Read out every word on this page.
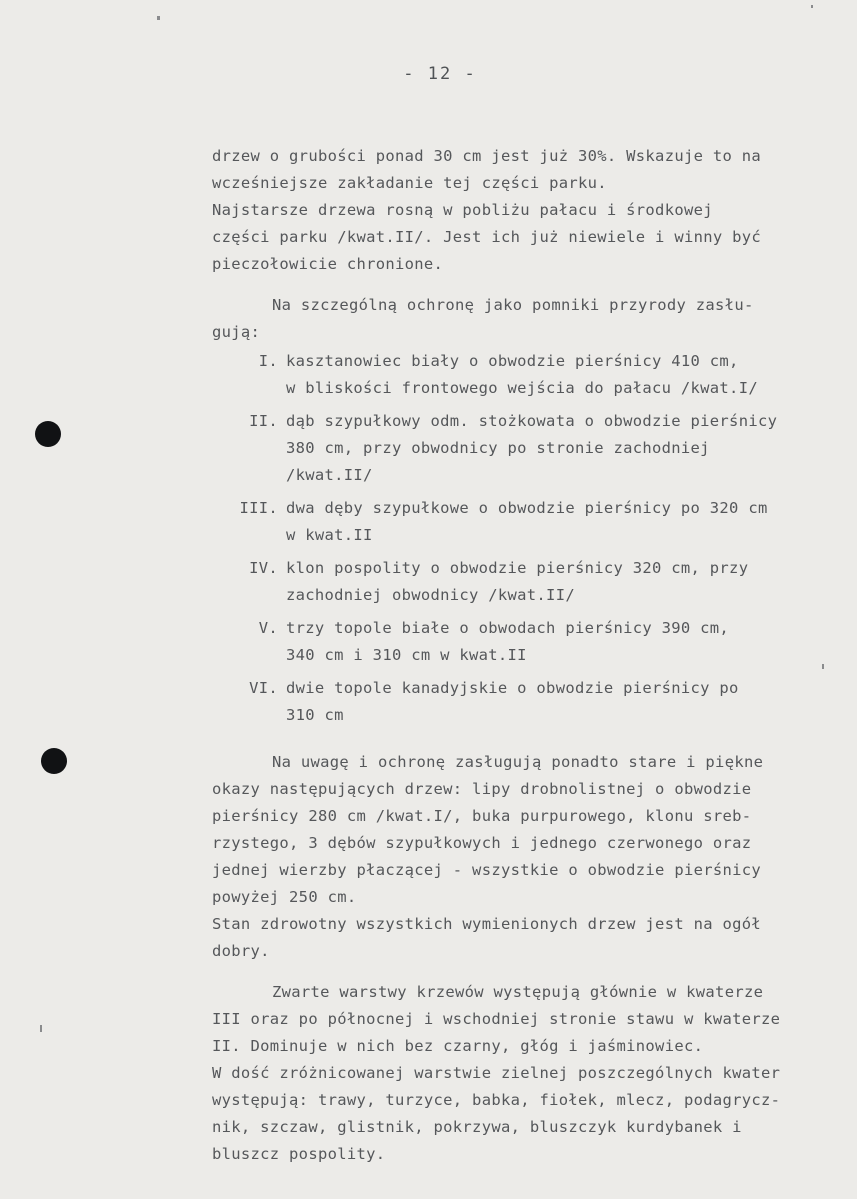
- 12 -
drzew o grubości ponad 30 cm jest już 30%. Wskazuje to na
wcześniejsze zakładanie tej części parku.
Najstarsze drzewa rosną w pobliżu pałacu i środkowej
części parku /kwat.II/. Jest ich już niewiele i winny być
pieczołowicie chronione.
Na szczególną ochronę jako pomniki przyrody zasłu-
gują:
I. kasztanowiec biały o obwodzie pierśnicy 410 cm,
w bliskości frontowego wejścia do pałacu /kwat.I/
II. dąb szypułkowy odm. stożkowata o obwodzie pierśnicy
380 cm, przy obwodnicy po stronie zachodniej
/kwat.II/
III. dwa dęby szypułkowe o obwodzie pierśnicy po 320 cm
w kwat.II
IV. klon pospolity o obwodzie pierśnicy 320 cm, przy
zachodniej obwodnicy /kwat.II/
V. trzy topole białe o obwodach pierśnicy 390 cm,
340 cm i 310 cm w kwat.II
VI. dwie topole kanadyjskie o obwodzie pierśnicy po
310 cm
Na uwagę i ochronę zasługują ponadto stare i piękne
okazy następujących drzew: lipy drobnolistnej o obwodzie
pierśnicy 280 cm /kwat.I/, buka purpurowego, klonu sreb-
rzystego, 3 dębów szypułkowych i jednego czerwonego oraz
jednej wierzby płaczącej - wszystkie o obwodzie pierśnicy
powyżej 250 cm.
Stan zdrowotny wszystkich wymienionych drzew jest na ogół
dobry.
Zwarte warstwy krzewów występują głównie w kwaterze
III oraz po północnej i wschodniej stronie stawu w kwaterze
II. Dominuje w nich bez czarny, głóg i jaśminowiec.
W dość zróżnicowanej warstwie zielnej poszczególnych kwater
występują: trawy, turzyce, babka, fiołek, mlecz, podagrycz-
nik, szczaw, glistnik, pokrzywa, bluszczyk kurdybanek i
bluszcz pospolity.
